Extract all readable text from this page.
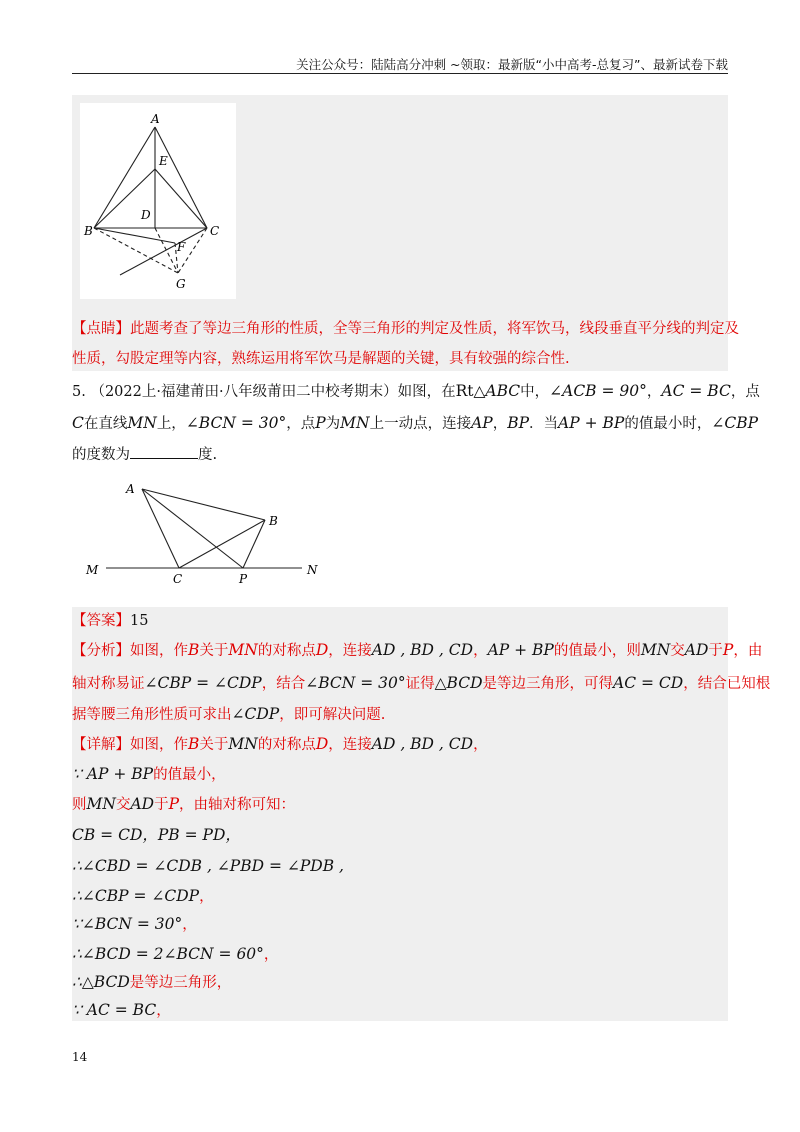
关注公众号：陆陆高分冲刺 ~领取：最新版“小中高考-总复习”、最新试卷下载
A
E
D
B	C
F
G
【点睛】此题考查了等边三角形的性质，全等三角形的判定及性质，将军饮马，线段垂直平分线的判定及
性质，勾股定理等内容，熟练运用将军饮马是解题的关键，具有较强的综合性.
5. （2022上·福建莆田·八年级莆田二中校考期末）如图，在Rt△ABC中，∠ACB = 90°，AC = BC，点
C在直线MN上，∠BCN = 30°，点P为MN上一动点，连接AP，BP．当AP + BP的值最小时，∠CBP
的度数为	度.
A
B
M
C	P
N
【答案】15
【分析】如图，作B关于MN的对称点D，连接AD , BD , CD，AP + BP的值最小，则MN交AD于P，由
轴对称易证∠CBP = ∠CDP，结合∠BCN = 30°证得△BCD是等边三角形，可得AC = CD，结合已知根
据等腰三角形性质可求出∠CDP，即可解决问题.
【详解】如图，作B关于MN的对称点D，连接AD , BD , CD，
∵ AP + BP的值最小，
则MN交AD于P，由轴对称可知：
CB = CD，PB = PD，
∴∠CBD = ∠CDB , ∠PBD = ∠PDB ,
∴∠CBP = ∠CDP，
∵∠BCN = 30°，
∴∠BCD = 2∠BCN = 60°，
∴△BCD是等边三角形，
∵ AC = BC，
14
